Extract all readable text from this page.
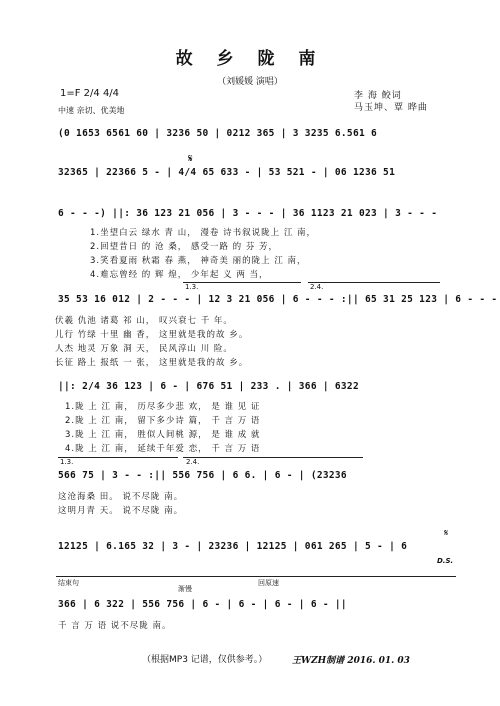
故 乡 陇 南
（刘媛媛 演唱）
李 海 鲛词
马玉坤、覃 晔曲
1=F 2/4 4/4
中速 亲切、优美地
(0 1653 6561 60 | 3236 50 | 0212 365 | 3 3235 6.561 6
32365 | 22366 5 - | 4/4 65 633 - | 53 521 - | 06 1236 51
𝄋
6 - - -) ||: 36 123 21 056 | 3 - - - | 36 1123 21 023 | 3 - - -
1.坐望白云 绿水 青 山， 漫卷 诗书叙说陇上 江 南，
2.回望昔日 的 沧 桑， 感受一路 的 芬 芳，
3.笑看夏雨 秋霜 春 燕， 神奇美 丽的陇上 江 南，
4.难忘曾经 的 辉 煌， 少年起 义 两 当，
1.3.	2.4.
35 53 16 012 | 2 - - - | 12 3 21 056 | 6 - - - :|| 65 31 25 123 | 6 - - -
伏羲 仇池 诸葛 祁 山， 叹兴衰七 千 年。
儿行 竹绿 十里 幽 香， 这里就是我的故 乡。
人杰 地灵 万象 洞 天， 民风淳山 川 险。
长征 路上 报纸 一 张， 这里就是我的故 乡。
||: 2/4 36 123 | 6 - | 676 51 | 233 . | 366 | 6322
1.陇 上 江 南， 历尽多少悲 欢， 是 谁 见 证
2.陇 上 江 南， 留下多少诗 篇， 千 言 万 语
3.陇 上 江 南， 胜似人间桃 源， 是 谁 成 就
4.陇 上 江 南， 延续千年爱 恋， 千 言 万 语
1.3.	2.4.
566 75 | 3 - - :|| 556 756 | 6 6. | 6 - | (23236
这沧海桑 田。 说不尽陇 南。
这明月青 天。 说不尽陇 南。
12125 | 6.165 32 | 3 - | 23236 | 12125 | 061 265 | 5 - | 6
𝄋
D.S.
结束句
渐慢
回原速
366 | 6 322 | 556 756 | 6 - | 6 - | 6 - | 6 - ||
千 言 万 语 说不尽陇 南。
（根据MP3 记谱，仅供参考。）	王WZH制谱 2016. 01. 03
